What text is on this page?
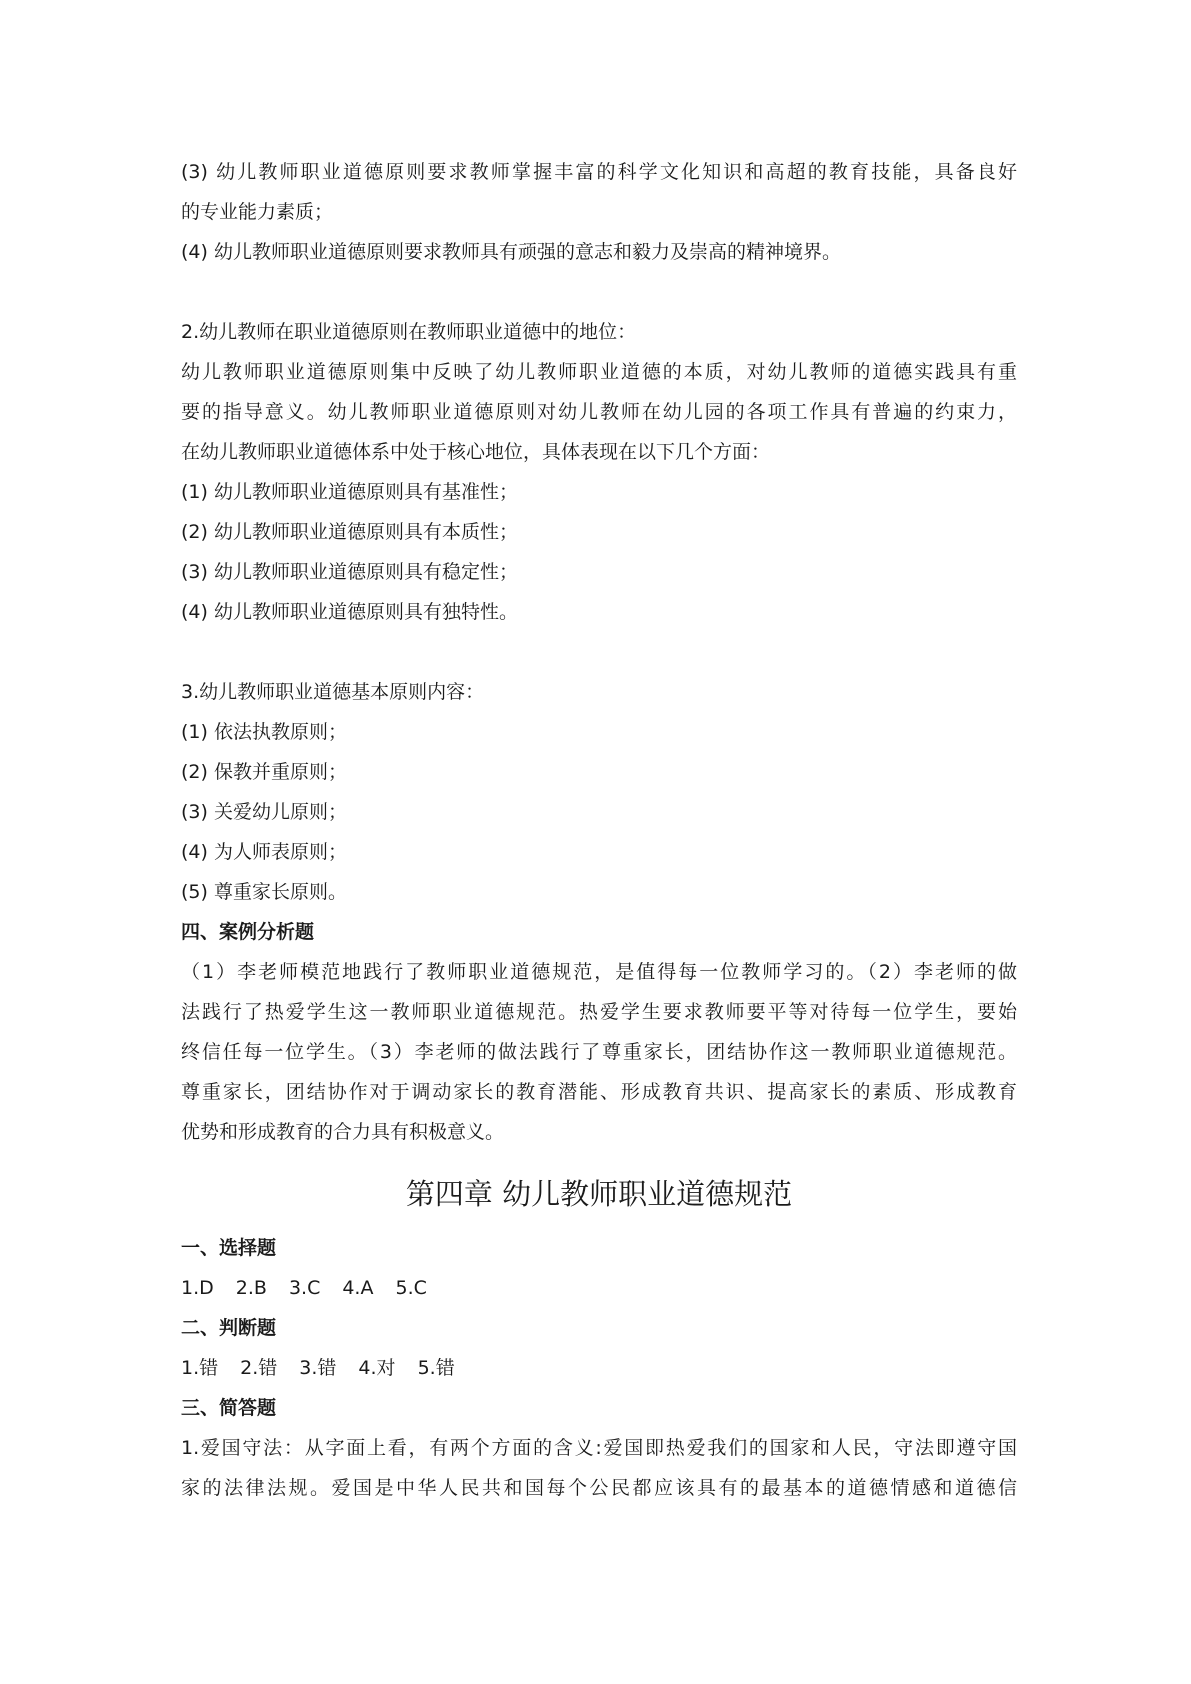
(3) 幼儿教师职业道德原则要求教师掌握丰富的科学文化知识和高超的教育技能，具备良好
的专业能力素质；
(4) 幼儿教师职业道德原则要求教师具有顽强的意志和毅力及崇高的精神境界。
2.幼儿教师在职业道德原则在教师职业道德中的地位：
幼儿教师职业道德原则集中反映了幼儿教师职业道德的本质，对幼儿教师的道德实践具有重
要的指导意义。幼儿教师职业道德原则对幼儿教师在幼儿园的各项工作具有普遍的约束力，
在幼儿教师职业道德体系中处于核心地位，具体表现在以下几个方面：
(1) 幼儿教师职业道德原则具有基准性；
(2) 幼儿教师职业道德原则具有本质性；
(3) 幼儿教师职业道德原则具有稳定性；
(4) 幼儿教师职业道德原则具有独特性。
3.幼儿教师职业道德基本原则内容：
(1) 依法执教原则；
(2) 保教并重原则；
(3) 关爱幼儿原则；
(4) 为人师表原则；
(5) 尊重家长原则。
四、案例分析题
（1）李老师模范地践行了教师职业道德规范，是值得每一位教师学习的。（2）李老师的做
法践行了热爱学生这一教师职业道德规范。热爱学生要求教师要平等对待每一位学生，要始
终信任每一位学生。（3）李老师的做法践行了尊重家长，团结协作这一教师职业道德规范。
尊重家长，团结协作对于调动家长的教育潜能、形成教育共识、提高家长的素质、形成教育
优势和形成教育的合力具有积极意义。
第四章 幼儿教师职业道德规范
一、选择题
1.D 2.B 3.C 4.A 5.C
二、判断题
1.错 2.错 3.错 4.对 5.错
三、简答题
1.爱国守法：从字面上看，有两个方面的含义:爱国即热爱我们的国家和人民，守法即遵守国
家的法律法规。爱国是中华人民共和国每个公民都应该具有的最基本的道德情感和道德信
